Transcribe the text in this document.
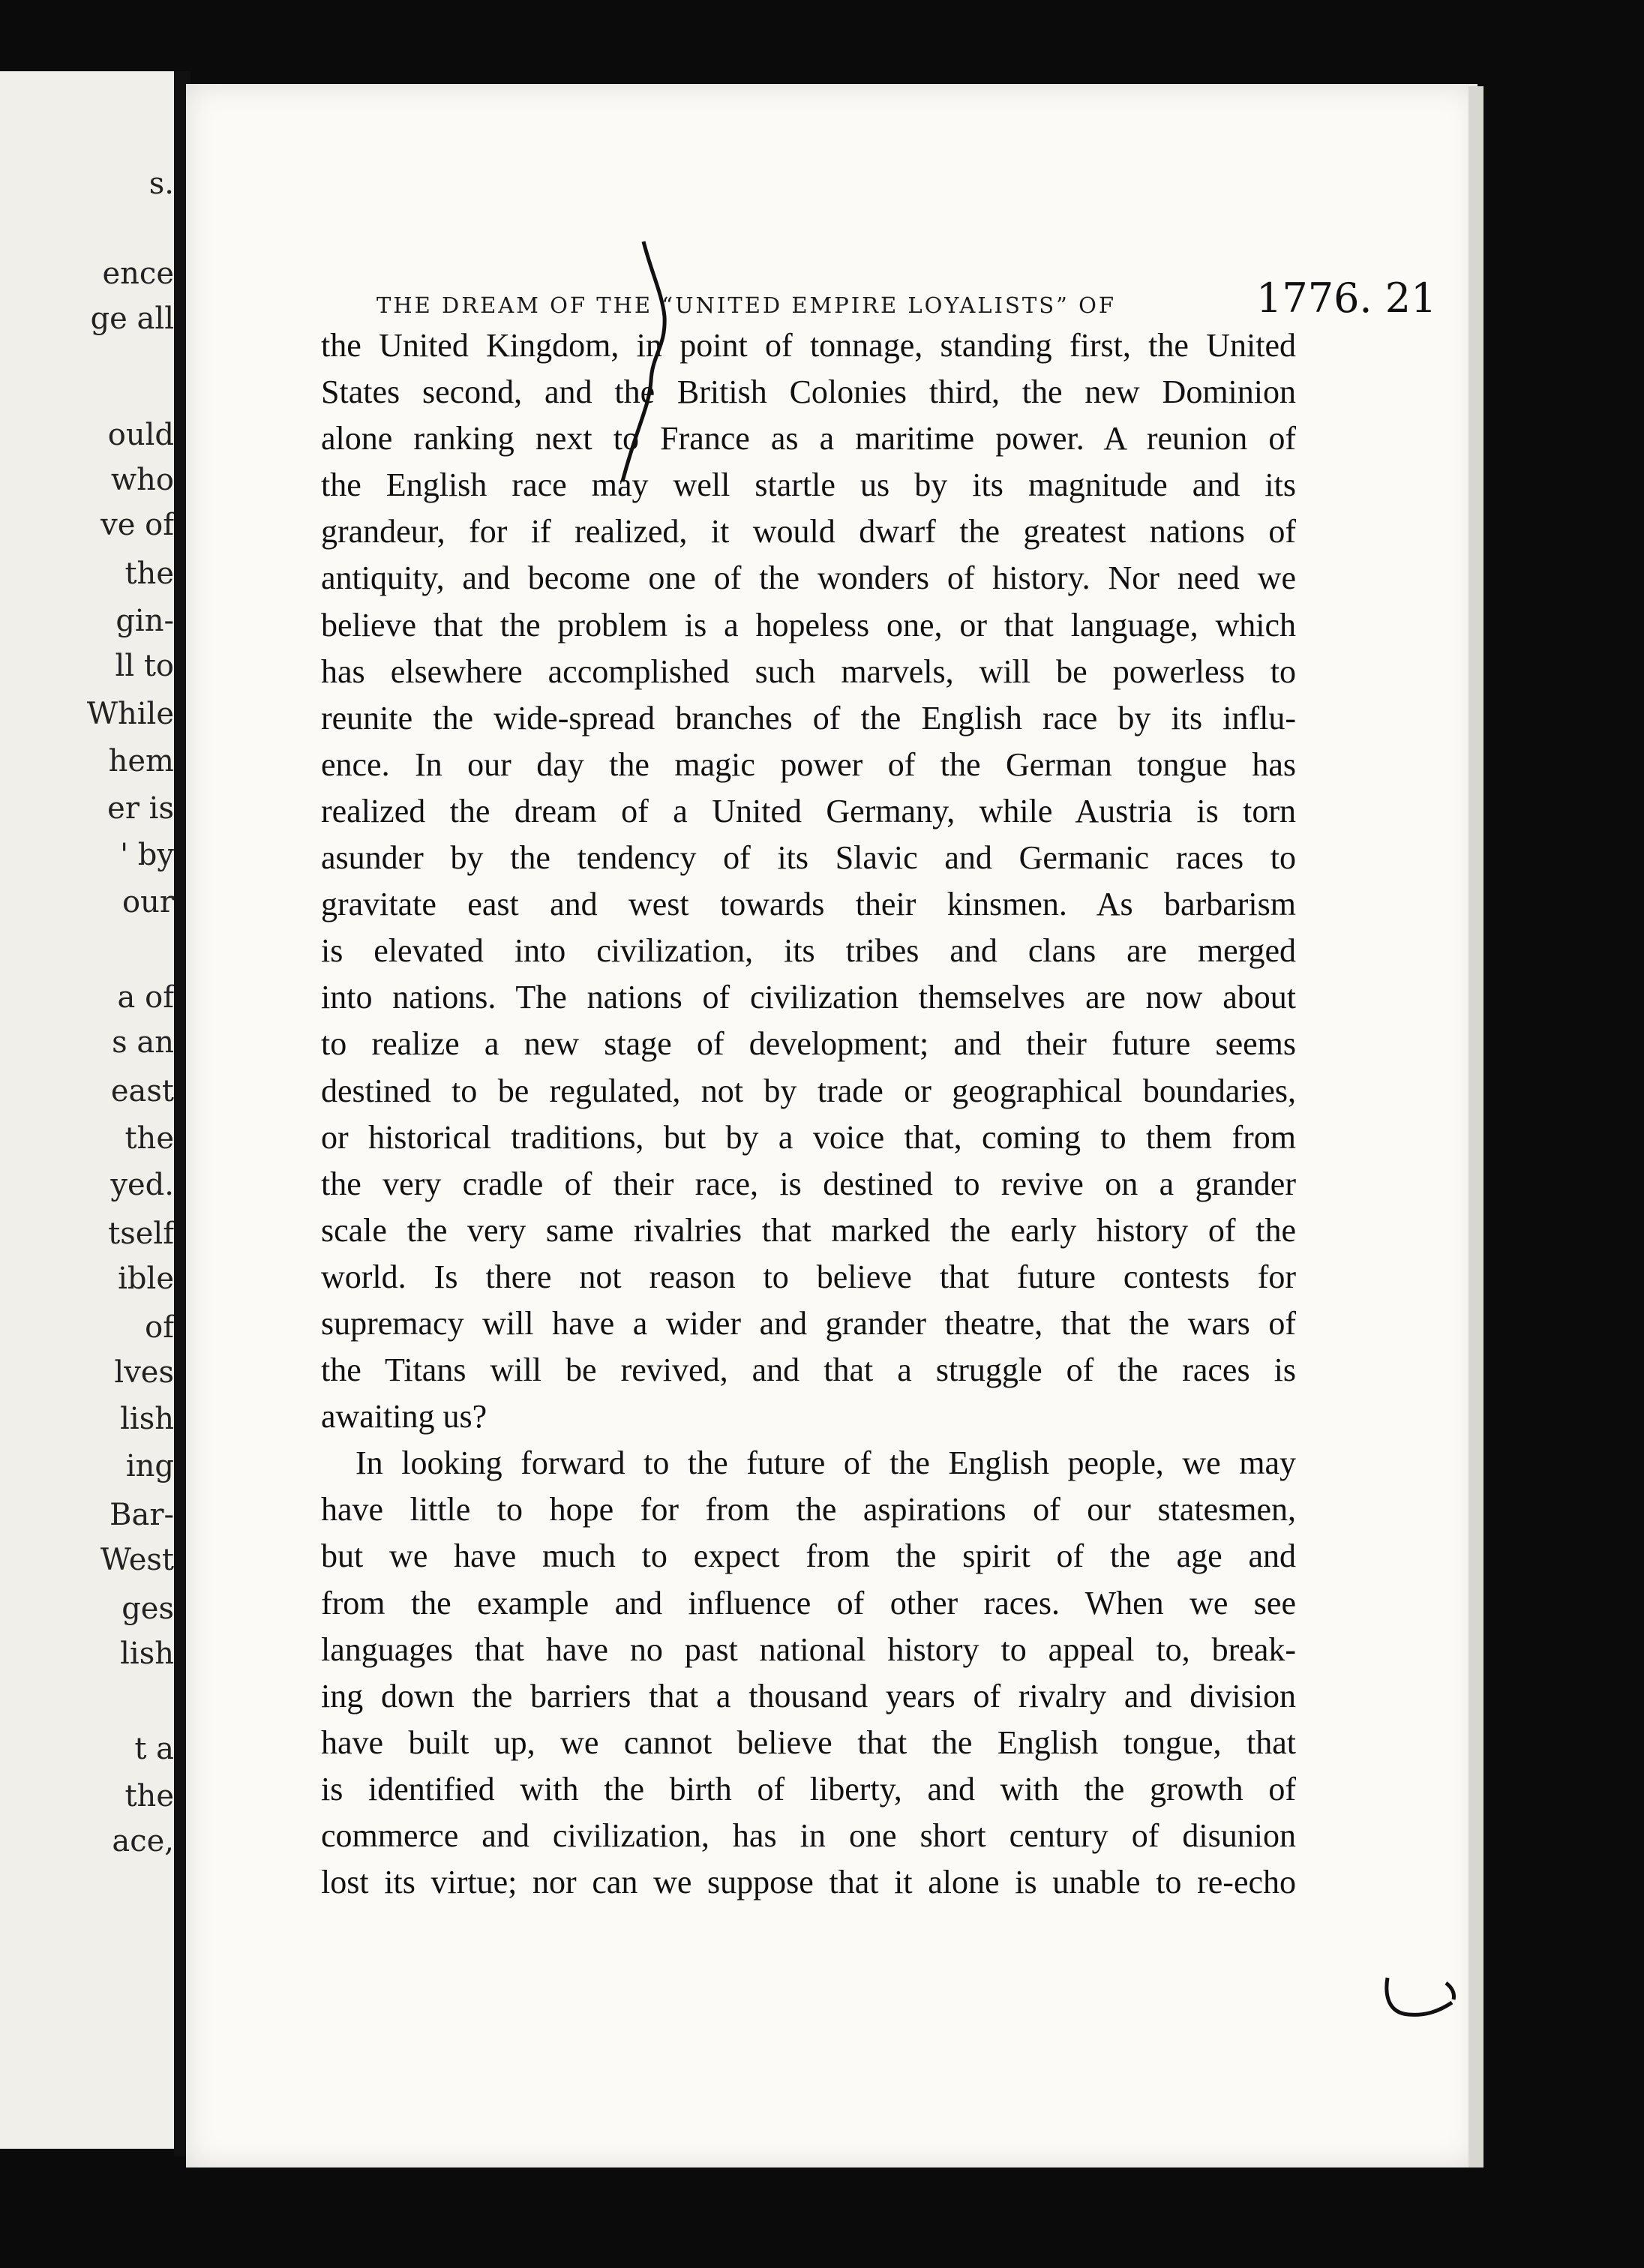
s.
ence
ge all
ould
who
ve of
the
gin-
ll to
While
hem
er is
' by
our
a of
s an
east
the
yed.
tself
ible
of
lves
lish
ing
Bar-
West
ges
lish
t a
the
ace,
THE DREAM OF THE “UNITED EMPIRE LOYALISTS” OF	1776. 21
the United Kingdom, in point of tonnage, standing first, the United
States second, and the British Colonies third, the new Dominion
alone ranking next to France as a maritime power. A reunion of
the English race may well startle us by its magnitude and its
grandeur, for if realized, it would dwarf the greatest nations of
antiquity, and become one of the wonders of history. Nor need we
believe that the problem is a hopeless one, or that language, which
has elsewhere accomplished such marvels, will be powerless to
reunite the wide-spread branches of the English race by its influ-
ence. In our day the magic power of the German tongue has
realized the dream of a United Germany, while Austria is torn
asunder by the tendency of its Slavic and Germanic races to
gravitate east and west towards their kinsmen. As barbarism
is elevated into civilization, its tribes and clans are merged
into nations. The nations of civilization themselves are now about
to realize a new stage of development; and their future seems
destined to be regulated, not by trade or geographical boundaries,
or historical traditions, but by a voice that, coming to them from
the very cradle of their race, is destined to revive on a grander
scale the very same rivalries that marked the early history of the
world. Is there not reason to believe that future contests for
supremacy will have a wider and grander theatre, that the wars of
the Titans will be revived, and that a struggle of the races is
awaiting us?
In looking forward to the future of the English people, we may
have little to hope for from the aspirations of our statesmen,
but we have much to expect from the spirit of the age and
from the example and influence of other races. When we see
languages that have no past national history to appeal to, break-
ing down the barriers that a thousand years of rivalry and division
have built up, we cannot believe that the English tongue, that
is identified with the birth of liberty, and with the growth of
commerce and civilization, has in one short century of disunion
lost its virtue; nor can we suppose that it alone is unable to re-echo
